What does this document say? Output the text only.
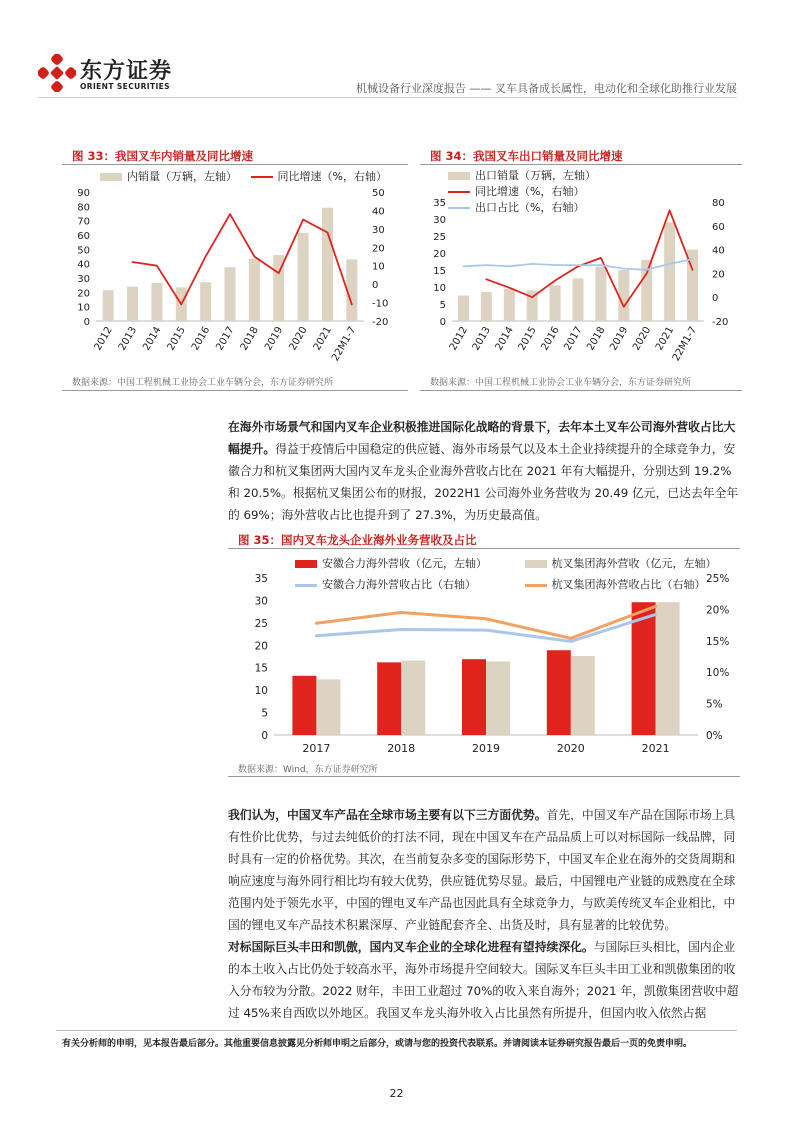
东方证券
ORIENT SECURITIES	机械设备行业深度报告 —— 叉车具备成长属性，电动化和全球化助推行业发展
图 33：我国叉车内销量及同比增速
内销量（万辆，左轴）	同比增速（%，右轴）
0
10
20
30
40
50
60
70
80
90
-20
-10
0
10
20
30
40
50
2012 2013 2014 2015 2016 2017 2018 2019 2020 2021
22M1-7
数据来源：中国工程机械工业协会工业车辆分会，东方证券研究所
图 34：我国叉车出口销量及同比增速
出口销量（万辆，左轴） 同比增速（%，右轴）
出口占比（%，右轴）
0
5
10
15
20
25
30
35
-20
0
20
40
60
80
2012 2013 2014 2015 2016 2017 2018 2019 2020 2021
22M1-7
数据来源：中国工程机械工业协会工业车辆分会，东方证券研究所
在海外市场景气和国内叉车企业积极推进国际化战略的背景下，去年本土叉车公司海外营收占比大幅提升。得益于疫情后中国稳定的供应链、海外市场景气以及本土企业持续提升的全球竞争力，安徽合力和杭叉集团两大国内叉车龙头企业海外营收占比在 2021 年有大幅提升，分别达到 19.2% 和 20.5%。根据杭叉集团公布的财报，2022H1 公司海外业务营收为 20.49 亿元，已达去年全年的 69%；海外营收占比也提升到了 27.3%，为历史最高值。
图 35：国内叉车龙头企业海外业务营收及占比
安徽合力海外营收（亿元，左轴）	杭叉集团海外营收（亿元，左轴）
安徽合力海外营收占比（右轴）	杭叉集团海外营收占比（右轴）
0
5
10
15
20
25
30
35
0%
5%
10%
15%
20%
25%
2017	2018	2019	2020	2021
数据来源：Wind，东方证券研究所
我们认为，中国叉车产品在全球市场主要有以下三方面优势。首先，中国叉车产品在国际市场上具有性价比优势，与过去纯低价的打法不同，现在中国叉车在产品品质上可以对标国际一线品牌，同时具有一定的价格优势。其次，在当前复杂多变的国际形势下，中国叉车企业在海外的交货周期和响应速度与海外同行相比均有较大优势，供应链优势尽显。最后，中国锂电产业链的成熟度在全球范围内处于领先水平，中国的锂电叉车产品也因此具有全球竞争力，与欧美传统叉车企业相比，中国的锂电叉车产品技术积累深厚、产业链配套齐全、出货及时，具有显著的比较优势。
对标国际巨头丰田和凯傲，国内叉车企业的全球化进程有望持续深化。与国际巨头相比，国内企业的本土收入占比仍处于较高水平，海外市场提升空间较大。国际叉车巨头丰田工业和凯傲集团的收入分布较为分散。2022 财年，丰田工业超过 70%的收入来自海外；2021 年，凯傲集团营收中超过 45%来自西欧以外地区。我国叉车龙头海外收入占比虽然有所提升，但国内收入依然占据
有关分析师的申明，见本报告最后部分。其他重要信息披露见分析师申明之后部分，或请与您的投资代表联系。并请阅读本证券研究报告最后一页的免责申明。
22
